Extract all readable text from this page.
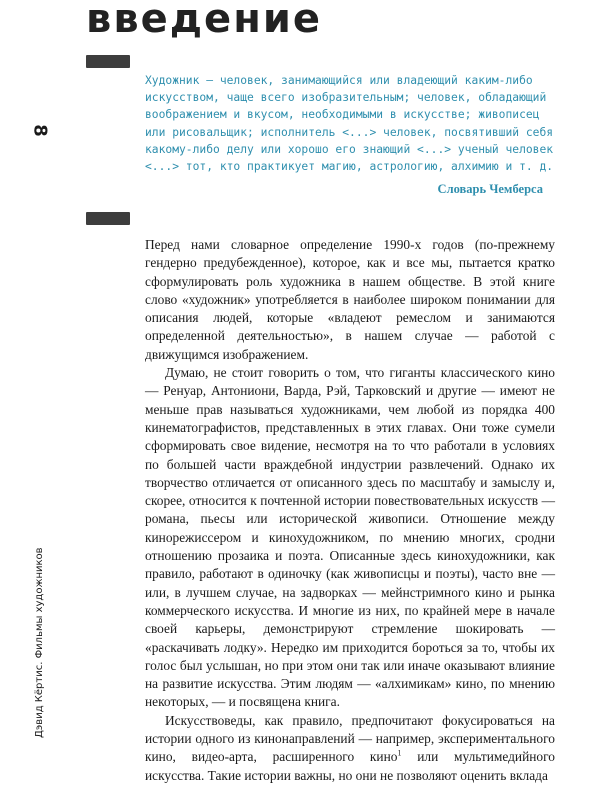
введение
8
Дэвид Кёртис. Фильмы художников

Художник — человек, занимающийся или владеющий каким-либо искусством, чаще всего изобразительным; человек, обладающий воображением и вкусом, необходимыми в искусстве; живописец или рисовальщик; исполнитель <...> человек, посвятивший себя какому-либо делу или хорошо его знающий <...> ученый человек <...> тот, кто практикует магию, астрологию, алхимию и т. д.

Словарь Чемберса

Перед нами словарное определение 1990-х годов (по-прежнему гендерно предубежденное), которое, как и все мы, пытается кратко сформулировать роль художника в нашем обществе. В этой книге слово «художник» употребляется в наиболее широком понимании для описания людей, которые «владеют ремеслом и занимаются определенной деятельностью», в нашем случае — работой с движущимся изображением.

Думаю, не стоит говорить о том, что гиганты классического кино — Ренуар, Антониони, Варда, Рэй, Тарковский и другие — имеют не меньше прав называться художниками, чем любой из порядка 400 кинематографистов, представленных в этих главах. Они тоже сумели сформировать свое видение, несмотря на то что работали в условиях по большей части враждебной индустрии развлечений. Однако их творчество отличается от описанного здесь по масштабу и замыслу и, скорее, относится к почтенной истории повествовательных искусств — романа, пьесы или исторической живописи. Отношение между кинорежиссером и кинохудожником, по мнению многих, сродни отношению прозаика и поэта. Описанные здесь кинохудожники, как правило, работают в одиночку (как живописцы и поэты), часто вне — или, в лучшем случае, на задворках — мейнстримного кино и рынка коммерческого искусства. И многие из них, по крайней мере в начале своей карьеры, демонстрируют стремление шокировать — «раскачивать лодку». Нередко им приходится бороться за то, чтобы их голос был услышан, но при этом они так или иначе оказывают влияние на развитие искусства. Этим людям — «алхимикам» кино, по мнению некоторых, — и посвящена книга.

Искусствоведы, как правило, предпочитают фокусироваться на истории одного из кинонаправлений — например, экспериментального кино, видео-арта, расширенного кино$^1$ или мультимедийного искусства. Такие истории важны, но они не позволяют оценить вклада
